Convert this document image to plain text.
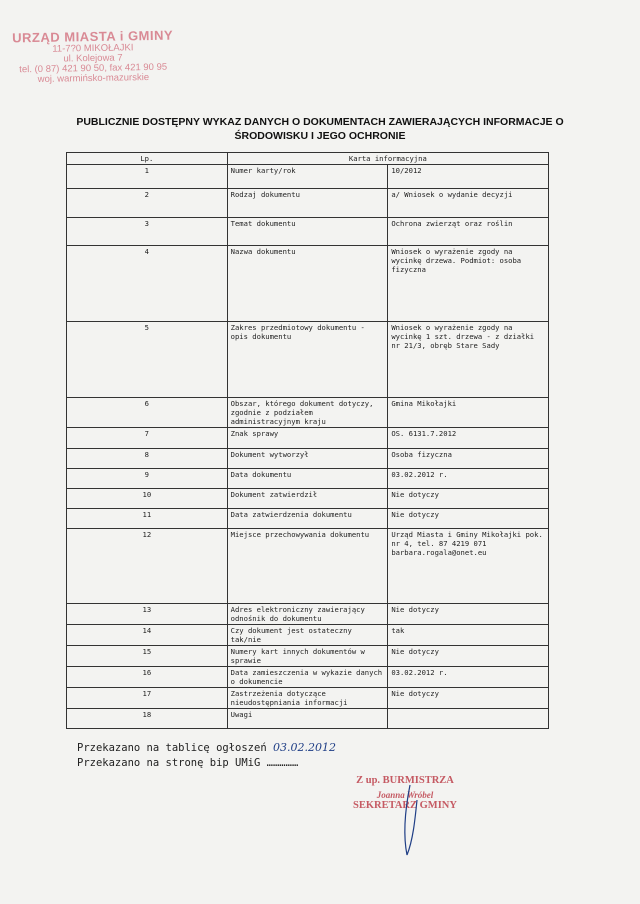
URZĄD MIASTA i GMINY
11-7?0 MIKOŁAJKI
ul. Kolejowa 7
tel. (0 87) 421 90 50, fax 421 90 95
woj. warmińsko-mazurskie
PUBLICZNIE DOSTĘPNY WYKAZ DANYCH O DOKUMENTACH ZAWIERAJĄCYCH INFORMACJE O
ŚRODOWISKU I JEGO OCHRONIE
Lp.	Karta informacyjna	
1	Numer karty/rok	10/2012
2	Rodzaj dokumentu	a/ Wniosek o wydanie decyzji
3	Temat dokumentu	Ochrona zwierząt oraz roślin
4	Nazwa dokumentu	Wniosek o wyrażenie zgody na wycinkę drzewa. Podmiot: osoba fizyczna
5	Zakres przedmiotowy dokumentu - opis dokumentu	Wniosek o wyrażenie zgody na wycinkę 1 szt. drzewa - z działki nr 21/3, obręb Stare Sady
6	Obszar, którego dokument dotyczy, zgodnie z podziałem administracyjnym kraju	Gmina Mikołajki
7	Znak sprawy	OS. 6131.7.2012
8	Dokument wytworzył	Osoba fizyczna
9	Data dokumentu	03.02.2012 r.
10	Dokument zatwierdził	Nie dotyczy
11	Data zatwierdzenia dokumentu	Nie dotyczy
12	Miejsce przechowywania dokumentu	Urząd Miasta i Gminy Mikołajki pok. nr 4, tel. 87 4219 071 barbara.rogala@onet.eu
13	Adres elektroniczny zawierający odnośnik do dokumentu	Nie dotyczy
14	Czy dokument jest ostateczny tak/nie	tak
15	Numery kart innych dokumentów w sprawie	Nie dotyczy
16	Data zamieszczenia w wykazie danych o dokumencie	03.02.2012 r.
17	Zastrzeżenia dotyczące nieudostępniania informacji	Nie dotyczy
18	Uwagi	
Przekazano na tablicę ogłoszeń 03.02.2012
Przekazano na stronę bip UMiG ……………
Z up. BURMISTRZA
Joanna Wróbel
SEKRETARZ GMINY
